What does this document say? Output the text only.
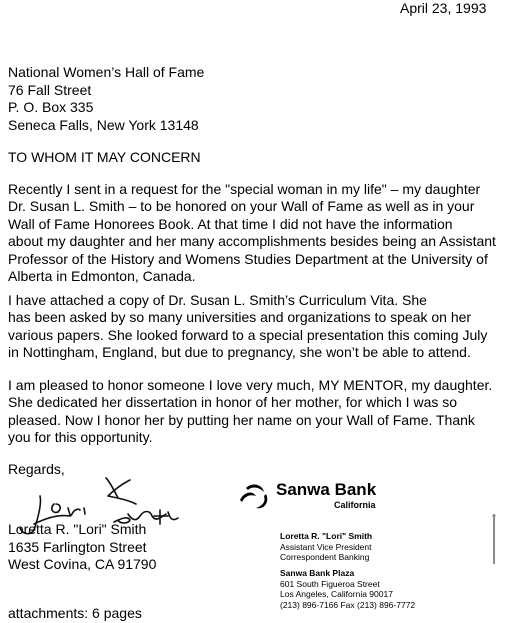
April 23, 1993
National Women’s Hall of Fame
76 Fall Street
P. O. Box 335
Seneca Falls, New York 13148
TO WHOM IT MAY CONCERN
Recently I sent in a request for the "special woman in my life" – my daughter
Dr. Susan L. Smith – to be honored on your Wall of Fame as well as in your
Wall of Fame Honorees Book. At that time I did not have the information
about my daughter and her many accomplishments besides being an Assistant
Professor of the History and Womens Studies Department at the University of
Alberta in Edmonton, Canada.
I have attached a copy of Dr. Susan L. Smith’s Curriculum Vita. She
has been asked by so many universities and organizations to speak on her
various papers. She looked forward to a special presentation this coming July
in Nottingham, England, but due to pregnancy, she won’t be able to attend.
I am pleased to honor someone I love very much, MY MENTOR, my daughter.
She dedicated her dissertation in honor of her mother, for which I was so
pleased. Now I honor her by putting her name on your Wall of Fame. Thank
you for this opportunity.
Regards,
Loretta R. "Lori" Smith
1635 Farlington Street
West Covina, CA 91790
attachments: 6 pages
Sanwa Bank
California
Loretta R. "Lori" Smith
Assistant Vice President
Correspondent Banking
Sanwa Bank Plaza
601 South Figueroa Street
Los Angeles, California 90017
(213) 896-7166 Fax (213) 896-7772
